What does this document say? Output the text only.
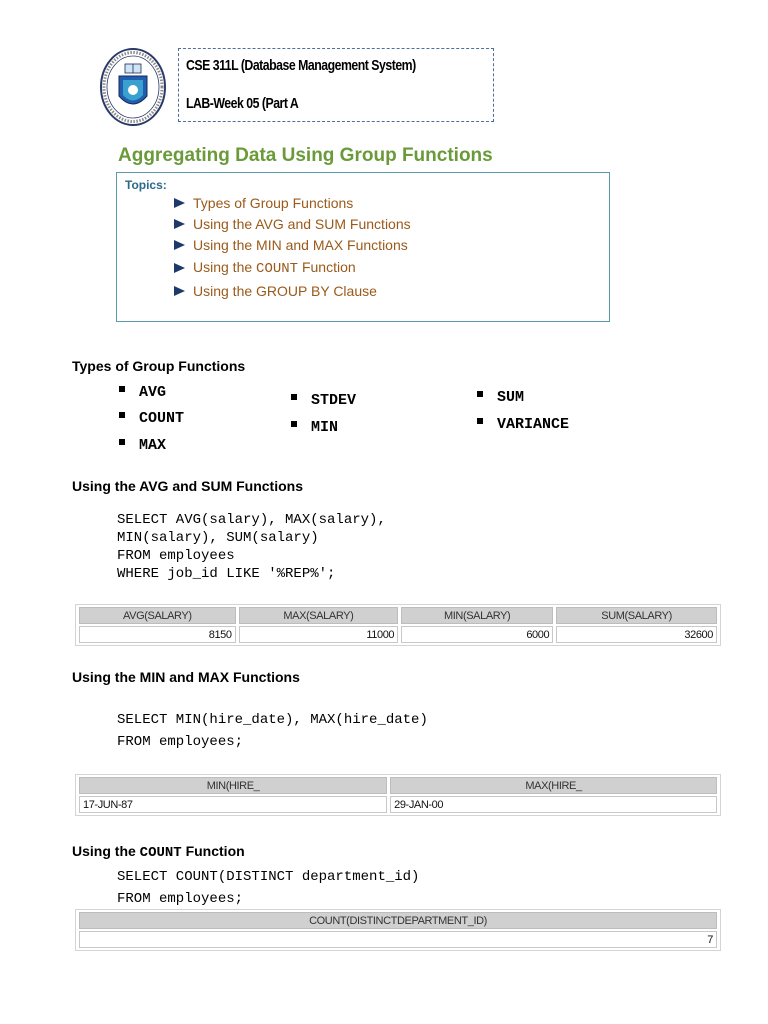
CSE 311L (Database Management System)
LAB-Week 05 (Part A
Aggregating Data Using Group Functions
Topics:
Types of Group Functions
Using the AVG and SUM Functions
Using the MIN and MAX Functions
Using the COUNT Function
Using the GROUP BY Clause
Types of Group Functions
AVG
COUNT
MAX
STDEV
MIN
SUM
VARIANCE
Using the AVG and SUM Functions
SELECT AVG(salary), MAX(salary),
MIN(salary), SUM(salary)
FROM employees
WHERE job_id LIKE '%REP%';
AVG(SALARY)	MAX(SALARY)	MIN(SALARY)	SUM(SALARY)
8150	11000	6000	32600
Using the MIN and MAX Functions
SELECT MIN(hire_date), MAX(hire_date)
FROM employees;
MIN(HIRE_	MAX(HIRE_
17-JUN-87	29-JAN-00
Using the COUNT Function
SELECT COUNT(DISTINCT department_id)
FROM employees;
COUNT(DISTINCTDEPARTMENT_ID)
7
